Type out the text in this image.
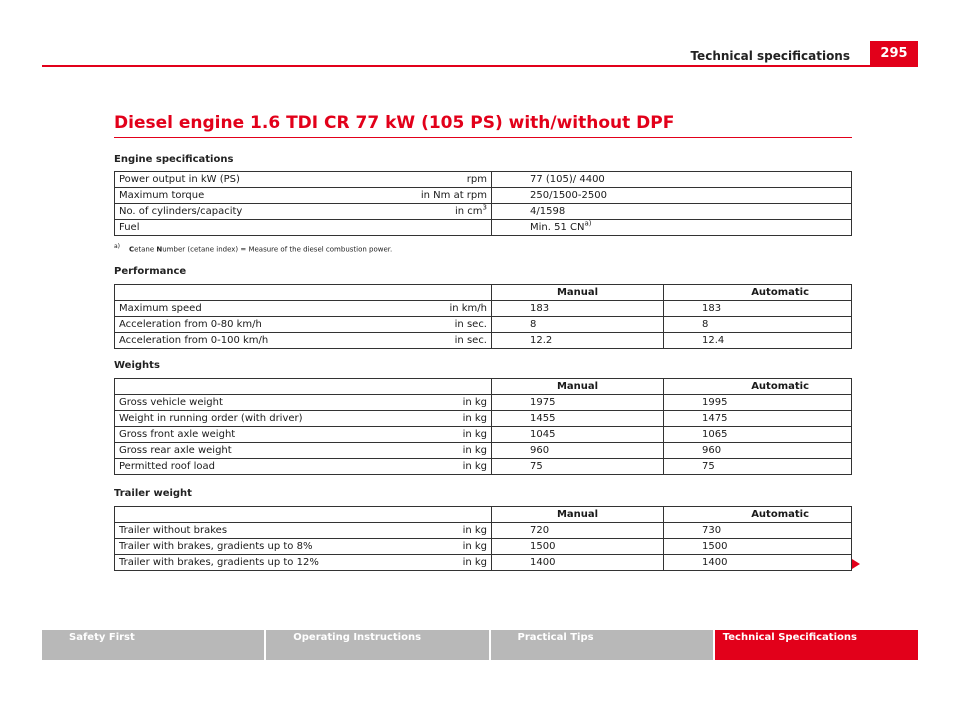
Technical specifications	295
Diesel engine 1.6 TDI CR 77 kW (105 PS) with/without DPF
Engine specifications
Power output in kW (PS)	rpm	77 (105)/ 4400
Maximum torque	in Nm at rpm	250/1500-2500
No. of cylinders/capacity	in $cm^3$	4/1598
Fuel		Min. 51 CN$^{a)}$
$^{a)}$ Cetane Number (cetane index) = Measure of the diesel combustion power.
Performance
		Manual	Automatic
Maximum speed	in km/h	183	183
Acceleration from 0-80 km/h	in sec.	8	8
Acceleration from 0-100 km/h	in sec.	12.2	12.4
Weights
		Manual	Automatic
Gross vehicle weight	in kg	1975	1995
Weight in running order (with driver)	in kg	1455	1475
Gross front axle weight	in kg	1045	1065
Gross rear axle weight	in kg	960	960
Permitted roof load	in kg	75	75
Trailer weight
		Manual	Automatic
Trailer without brakes	in kg	720	730
Trailer with brakes, gradients up to 8%	in kg	1500	1500
Trailer with brakes, gradients up to 12%	in kg	1400	1400
Safety First	Operating Instructions	Practical Tips	Technical Specifications
